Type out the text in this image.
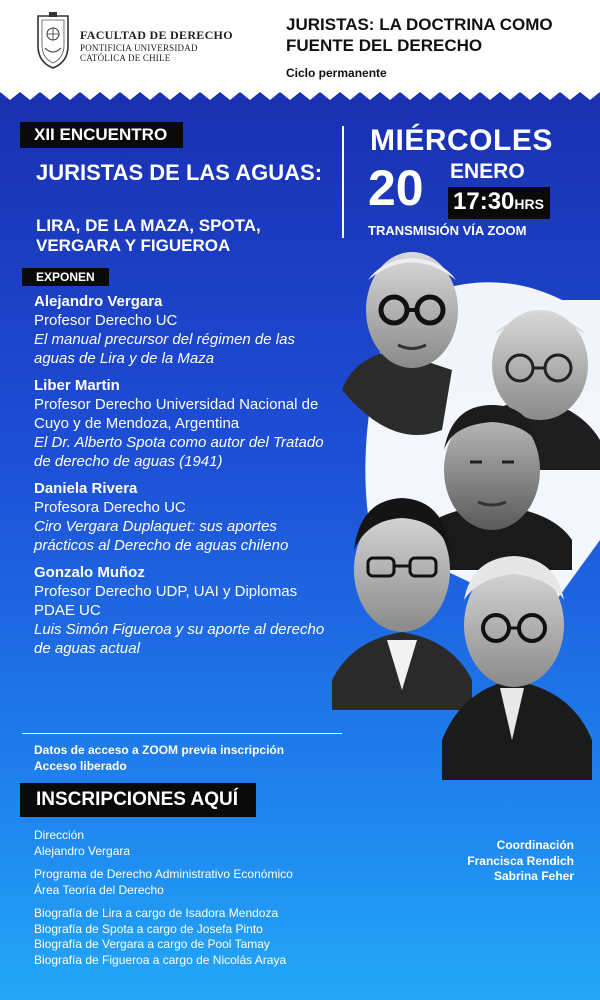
FACULTAD DE DERECHO
PONTIFICIA UNIVERSIDAD
CATÓLICA DE CHILE
JURISTAS: LA DOCTRINA COMO FUENTE DEL DERECHO
Ciclo permanente
XII ENCUENTRO
JURISTAS DE LAS AGUAS:
LIRA, DE LA MAZA, SPOTA, VERGARA Y FIGUEROA
MIÉRCOLES
20 ENERO
17:30HRS
TRANSMISIÓN VÍA ZOOM
EXPONEN
Alejandro Vergara
Profesor Derecho UC
El manual precursor del régimen de las aguas de Lira y de la Maza
Liber Martin
Profesor Derecho Universidad Nacional de Cuyo y de Mendoza, Argentina
El Dr. Alberto Spota como autor del Tratado de derecho de aguas (1941)
Daniela Rivera
Profesora Derecho UC
Ciro Vergara Duplaquet: sus aportes prácticos al Derecho de aguas chileno
Gonzalo Muñoz
Profesor Derecho UDP, UAI y Diplomas PDAE UC
Luis Simón Figueroa y su aporte al derecho de aguas actual
Datos de acceso a ZOOM previa inscripción
Acceso liberado
INSCRIPCIONES AQUÍ
Dirección
Alejandro Vergara
Programa de Derecho Administrativo Económico
Área Teoría del Derecho
Biografía de Lira a cargo de Isadora Mendoza
Biografía de Spota a cargo de Josefa Pinto
Biografía de Vergara a cargo de Pool Tamay
Biografía de Figueroa a cargo de Nicolás Araya
Coordinación
Francisca Rendich
Sabrina Feher
